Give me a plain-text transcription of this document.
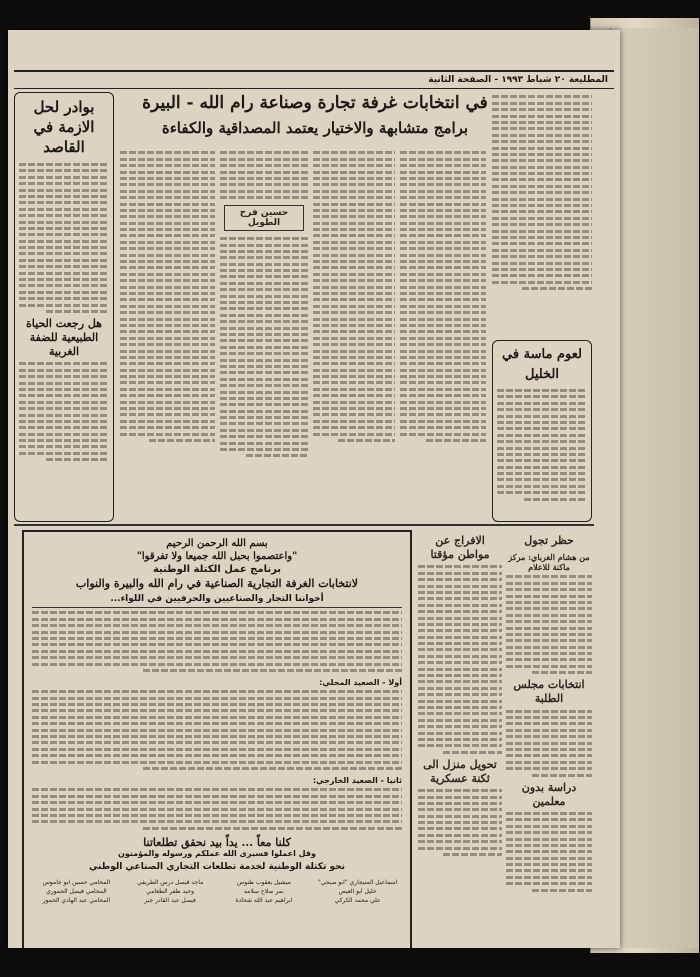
المطليعة ٢٠ شباط ١٩٩٣ - الصفحة الثانية
في انتخابات غرفة تجارة وصناعة رام الله - البيرة
برامج متشابهة والاختيار يعتمد المصداقية والكفاءة
بوادر لحل الازمة في القاصد
هل رجعت الحياة الطبيعية للضفة الغربية
حسين فرح الطويل
لعوم ماسة في الخليل
حظر تجول
من هشام الغرباي: مركز ماكنة للاعلام
انتخابات مجلس الطلبة
دراسة بدون معلمين
الافراج عن مواطن مؤقتا
تحويل منزل الى ثكنة عسكرية
بسم الله الرحمن الرحيم
"واعتصموا بحبل الله جميعا ولا تفرقوا"
برنامج عمل الكتلة الوطنية
لانتخابات الغرفة التجارية الصناعية في رام الله والبيرة والنواب
أخواننا التجار والصناعيين والحرفيين في اللواء...
أولا - الصعيد المحلي:
ثانيا - الصعيد الخارجي:
كلنا معاً ... يداً بيد نحقق تطلعاتنا
وقل اعملوا فسيرى الله عملكم ورسوله والمؤمنون
نحو تكتلة الوطنية لخدمة تطلعات التجاري الصناعي الوطني
اسماعيل المتيجاري "ابو صبحي"
خليل ابو العيص
علي محمد الكركي
ميشيل يعقوب طنوس
نمر صلاح سلامه
ابراهيم عبد الله شحادة
ماجد فيصل درس الطريفي
وحيد ظفر الطعامي
فيصل عبد القادر جبر
المحامي حسين ابو جاموس
المحامي فيصل الحموري
المحامي عبد الهادي الحموز
